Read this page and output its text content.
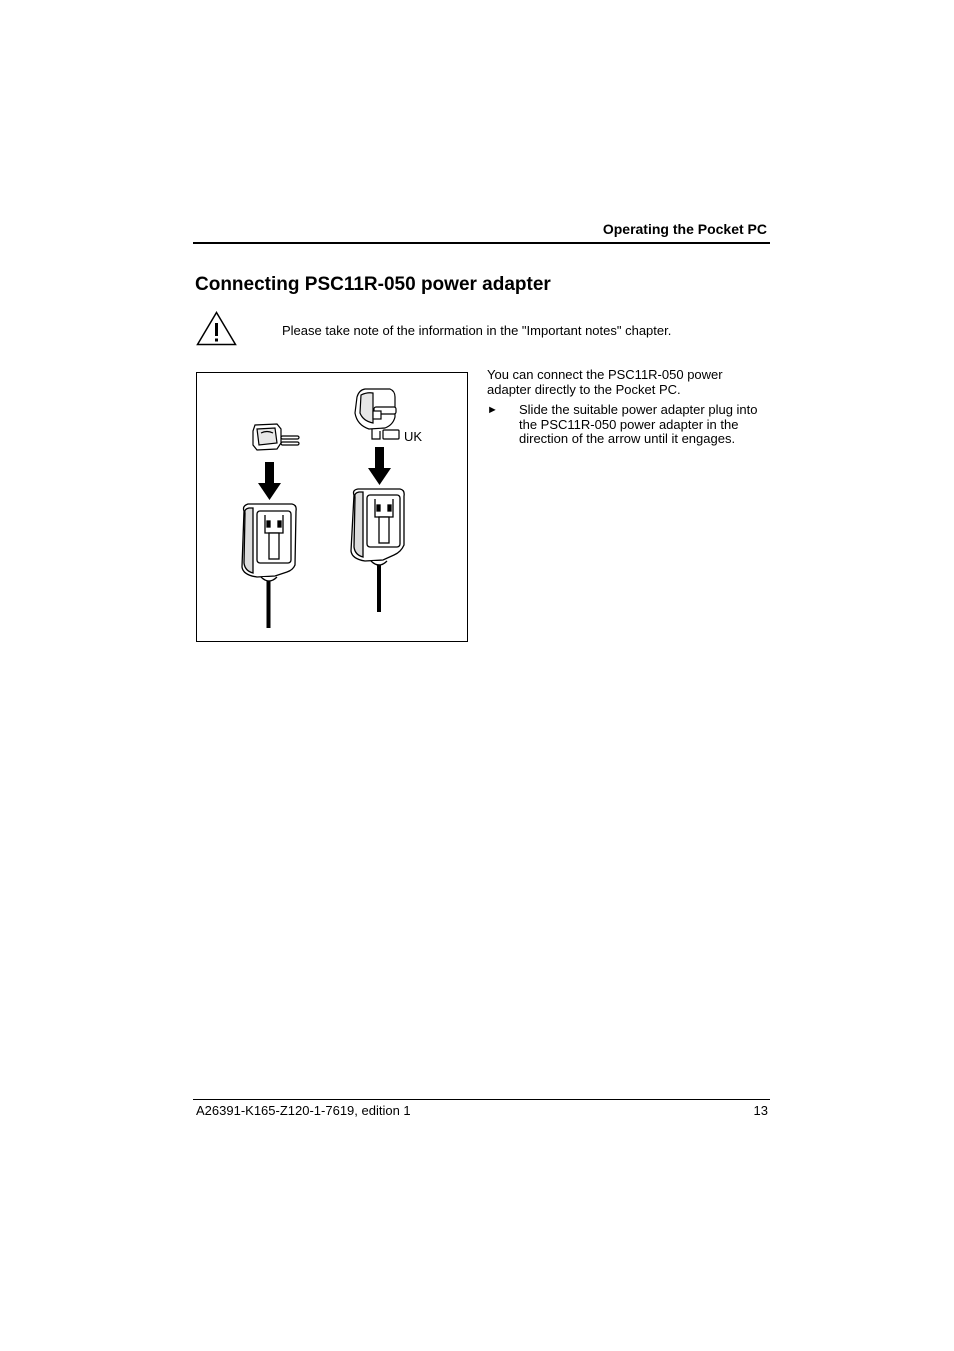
Operating the Pocket PC
Connecting PSC11R-050 power adapter
Please take note of the information in the "Important notes" chapter.
UK

You can connect the PSC11R-050 power adapter directly to the Pocket PC.

► Slide the suitable power adapter plug into the PSC11R-050 power adapter in the direction of the arrow until it engages.
A26391-K165-Z120-1-7619, edition 1	13
